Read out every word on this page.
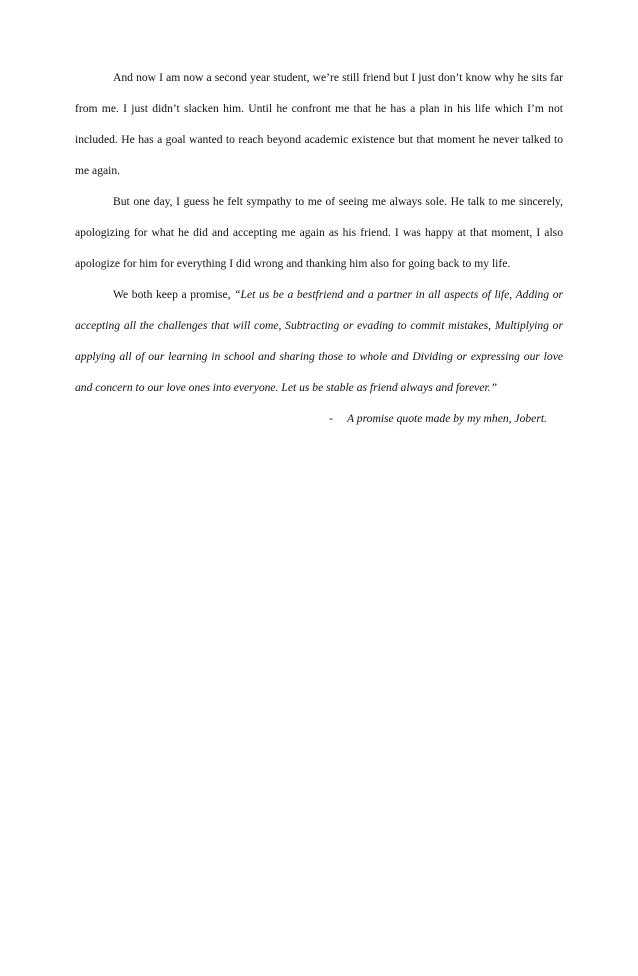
And now I am now a second year student, we’re still friend but I just don’t know why he sits far from me. I just didn’t slacken him. Until he confront me that he has a plan in his life which I’m not included. He has a goal wanted to reach beyond academic existence but that moment he never talked to me again.

But one day, I guess he felt sympathy to me of seeing me always sole. He talk to me sincerely, apologizing for what he did and accepting me again as his friend. I was happy at that moment, I also apologize for him for everything I did wrong and thanking him also for going back to my life.

We both keep a promise, “Let us be a bestfriend and a partner in all aspects of life, Adding or accepting all the challenges that will come, Subtracting or evading to commit mistakes, Multiplying or applying all of our learning in school and sharing those to whole and Dividing or expressing our love and concern to our love ones into everyone. Let us be stable as friend always and forever.”

- A promise quote made by my mhen, Jobert.
